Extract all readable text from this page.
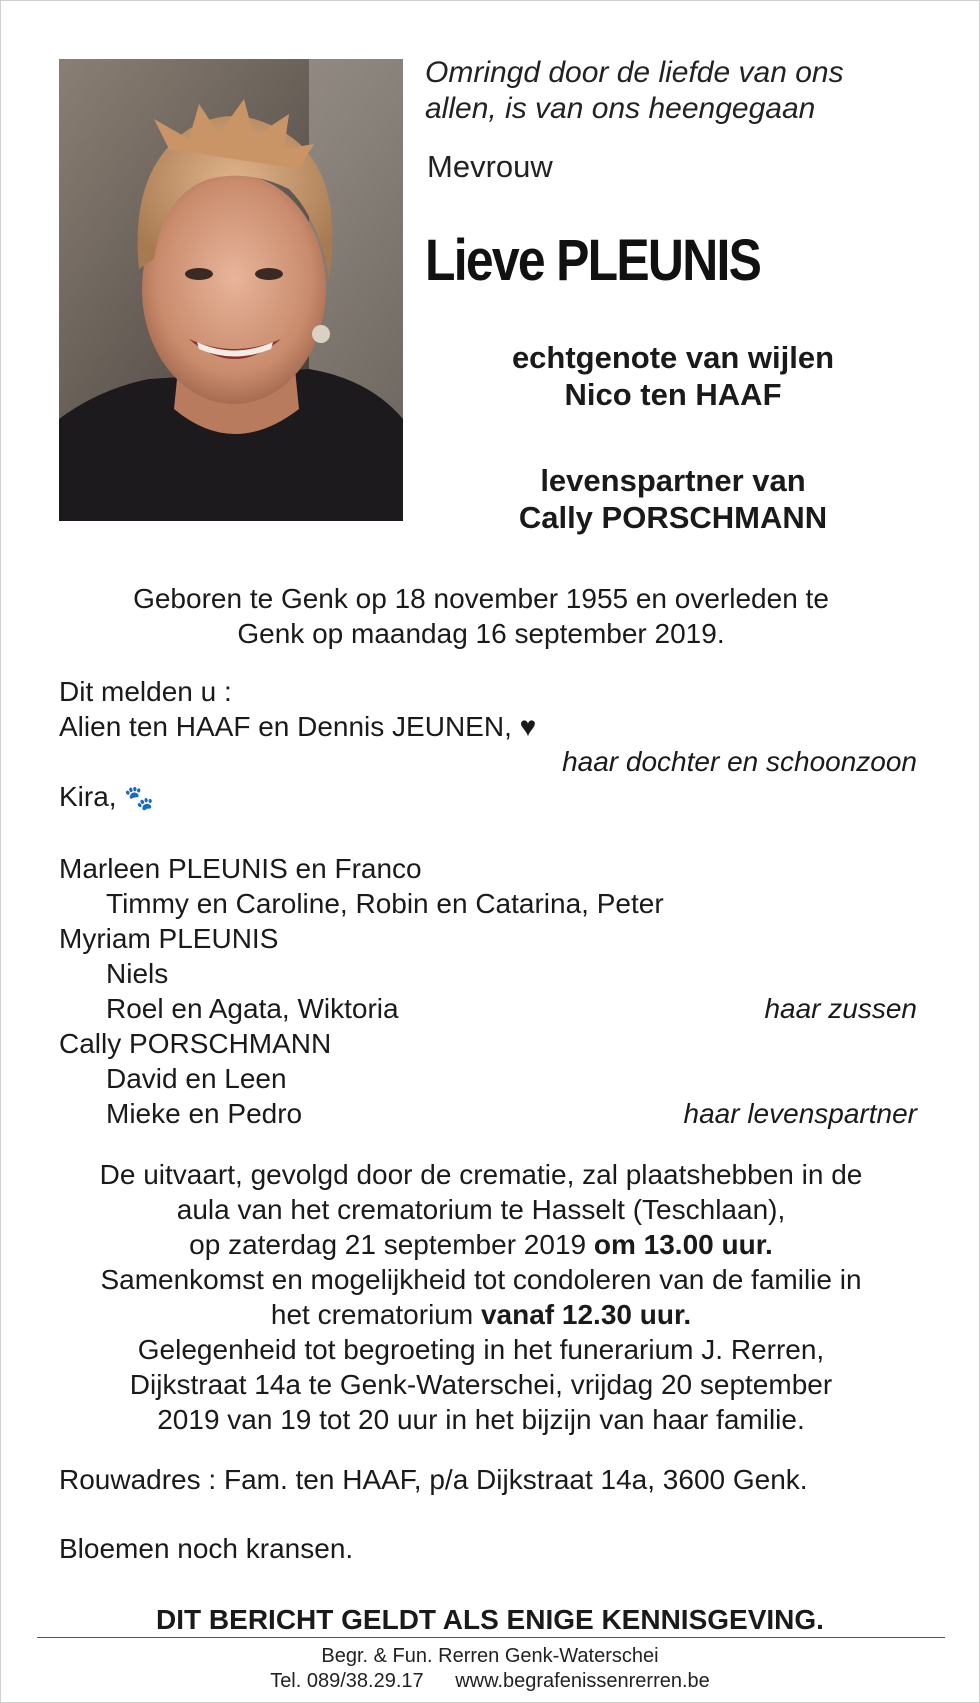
Omringd door de liefde van ons
allen, is van ons heengegaan
Mevrouw
Lieve PLEUNIS
echtgenote van wijlen
Nico ten HAAF
levenspartner van
Cally PORSCHMANN
Geboren te Genk op 18 november 1955 en overleden te
Genk op maandag 16 september 2019.
Dit melden u :
Alien ten HAAF en Dennis JEUNEN, ♥
haar dochter en schoonzoon
Kira, 🐾
Marleen PLEUNIS en Franco
Timmy en Caroline, Robin en Catarina, Peter
Myriam PLEUNIS
Niels
Roel en Agata, Wiktoria	haar zussen
Cally PORSCHMANN
David en Leen
Mieke en Pedro	haar levenspartner
De uitvaart, gevolgd door de crematie, zal plaatshebben in de
aula van het crematorium te Hasselt (Teschlaan),
op zaterdag 21 september 2019 om 13.00 uur.
Samenkomst en mogelijkheid tot condoleren van de familie in
het crematorium vanaf 12.30 uur.
Gelegenheid tot begroeting in het funerarium J. Rerren,
Dijkstraat 14a te Genk-Waterschei, vrijdag 20 september
2019 van 19 tot 20 uur in het bijzijn van haar familie.
Rouwadres : Fam. ten HAAF, p/a Dijkstraat 14a, 3600 Genk.
Bloemen noch kransen.
DIT BERICHT GELDT ALS ENIGE KENNISGEVING.
Begr. & Fun. Rerren Genk-Waterschei
Tel. 089/38.29.17 www.begrafenissenrerren.be
